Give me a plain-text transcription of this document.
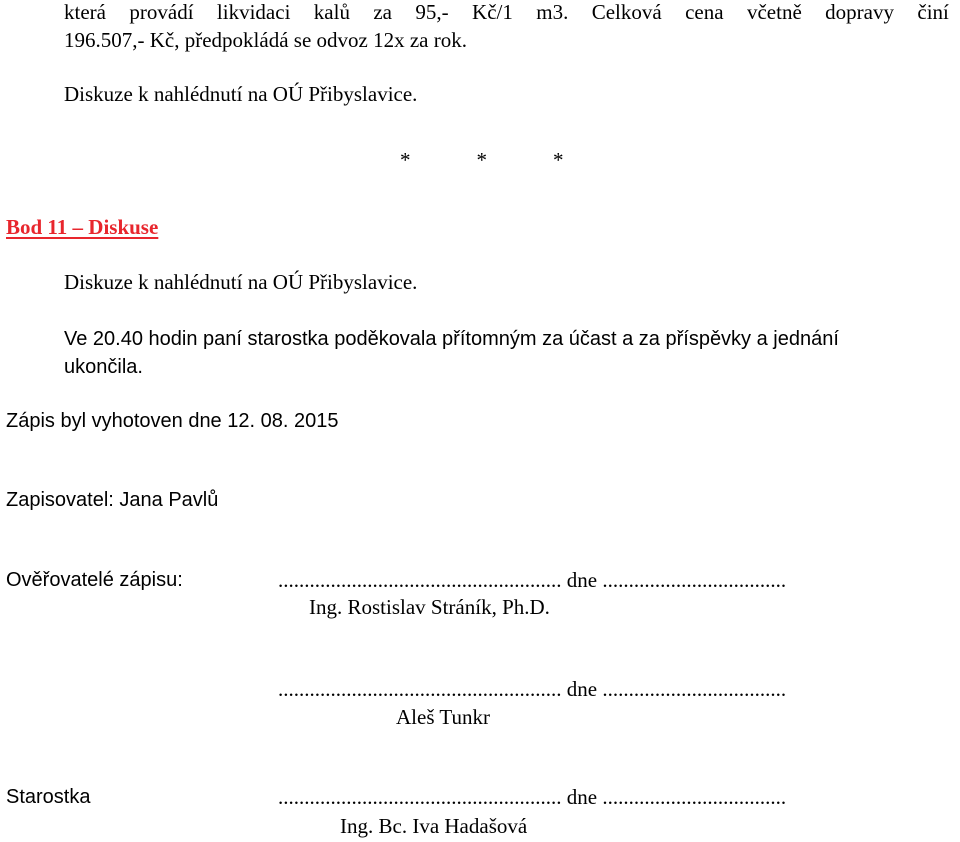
která provádí likvidaci kalů za 95,- Kč/1 m3. Celková cena včetně dopravy činí
196.507,- Kč, předpokládá se odvoz 12x za rok.
Diskuze k nahlédnutí na OÚ Přibyslavice.
*	*	*
Bod 11 – Diskuse
Diskuze k nahlédnutí na OÚ Přibyslavice.
Ve 20.40 hodin paní starostka poděkovala přítomným za účast a za příspěvky a jednání
ukončila.
Zápis byl vyhotoven dne 12. 08. 2015
Zapisovatel: Jana Pavlů
Ověřovatelé zápisu:	...................................................... dne ...................................
Ing. Rostislav Stráník, Ph.D.
...................................................... dne ...................................
Aleš Tunkr
Starostka	...................................................... dne ...................................
Ing. Bc. Iva Hadašová
